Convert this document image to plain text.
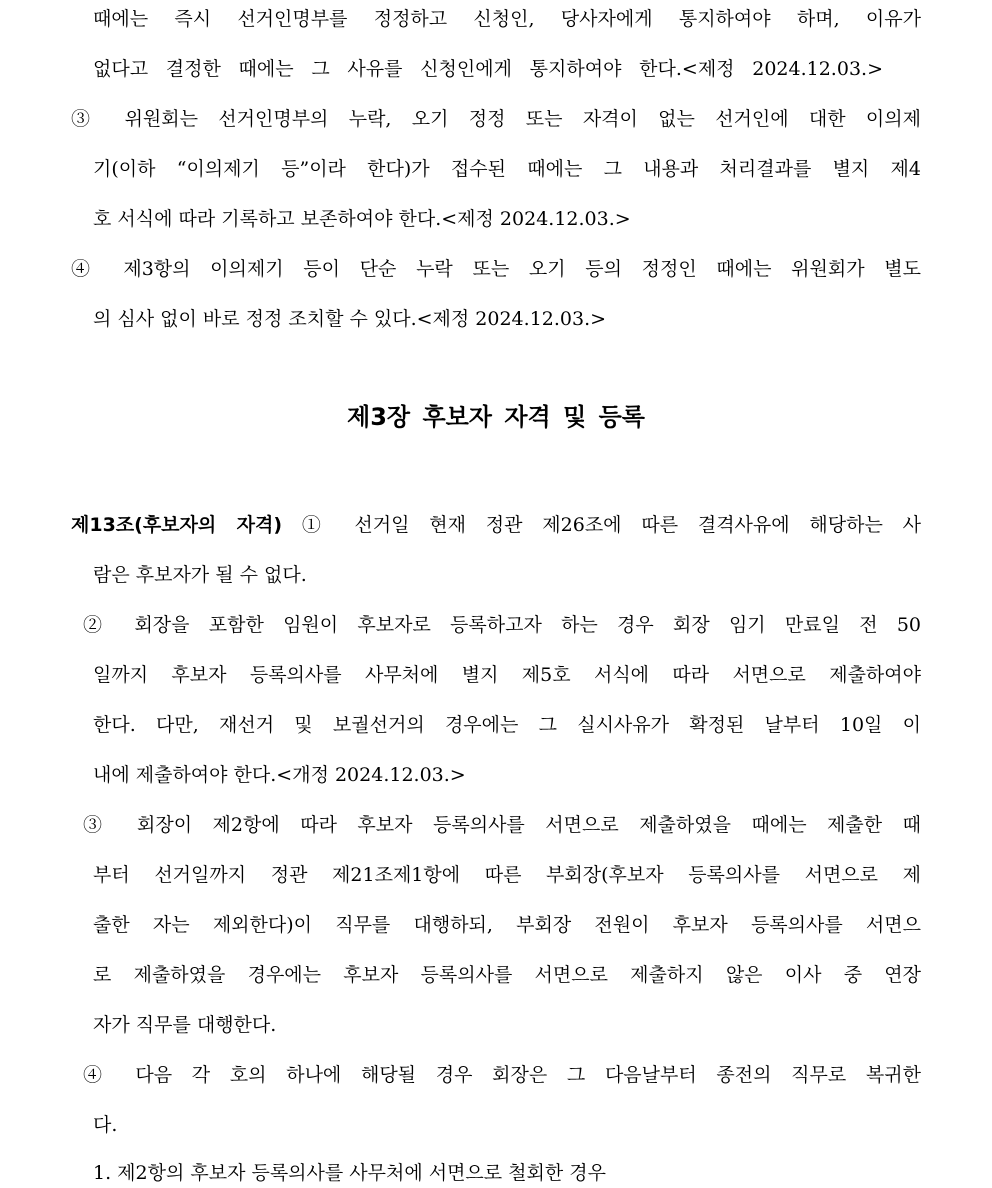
때에는 즉시 선거인명부를 정정하고 신청인, 당사자에게 통지하여야 하며, 이유가
없다고 결정한 때에는 그 사유를 신청인에게 통지하여야 한다.<제정 2024.12.03.>
③ 위원회는 선거인명부의 누락, 오기 정정 또는 자격이 없는 선거인에 대한 이의제
기(이하 “이의제기 등”이라 한다)가 접수된 때에는 그 내용과 처리결과를 별지 제4
호 서식에 따라 기록하고 보존하여야 한다.<제정 2024.12.03.>
④ 제3항의 이의제기 등이 단순 누락 또는 오기 등의 정정인 때에는 위원회가 별도
의 심사 없이 바로 정정 조치할 수 있다.<제정 2024.12.03.>
제3장 후보자 자격 및 등록
제13조(후보자의 자격) ① 선거일 현재 정관 제26조에 따른 결격사유에 해당하는 사
람은 후보자가 될 수 없다.
② 회장을 포함한 임원이 후보자로 등록하고자 하는 경우 회장 임기 만료일 전 50
일까지 후보자 등록의사를 사무처에 별지 제5호 서식에 따라 서면으로 제출하여야
한다. 다만, 재선거 및 보궐선거의 경우에는 그 실시사유가 확정된 날부터 10일 이
내에 제출하여야 한다.<개정 2024.12.03.>
③ 회장이 제2항에 따라 후보자 등록의사를 서면으로 제출하였을 때에는 제출한 때
부터 선거일까지 정관 제21조제1항에 따른 부회장(후보자 등록의사를 서면으로 제
출한 자는 제외한다)이 직무를 대행하되, 부회장 전원이 후보자 등록의사를 서면으
로 제출하였을 경우에는 후보자 등록의사를 서면으로 제출하지 않은 이사 중 연장
자가 직무를 대행한다.
④ 다음 각 호의 하나에 해당될 경우 회장은 그 다음날부터 종전의 직무로 복귀한
다.
1. 제2항의 후보자 등록의사를 사무처에 서면으로 철회한 경우
